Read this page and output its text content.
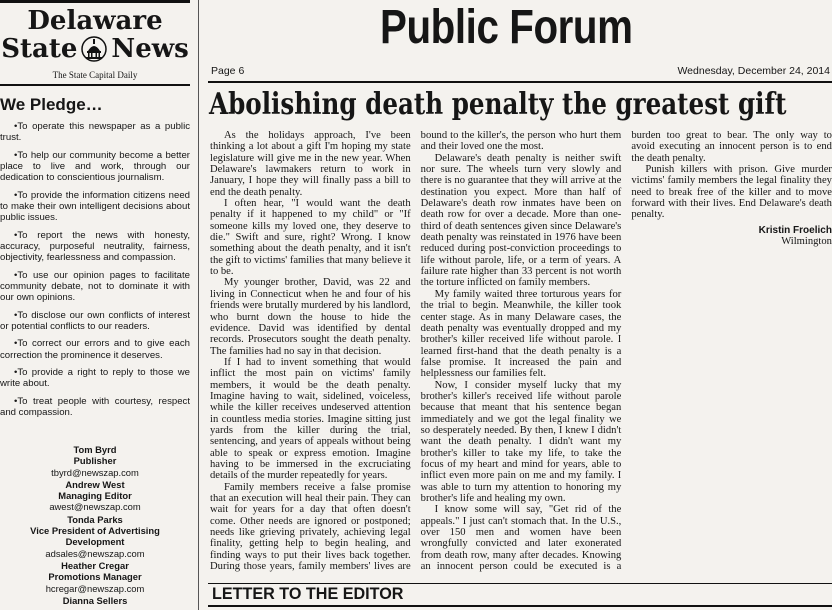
Delaware
State News
The State Capital Daily
We Pledge…

•To operate this newspaper as a public trust.

•To help our community become a better place to live and work, through our dedication to conscientious journalism.

•To provide the information citizens need to make their own intelligent decisions about public issues.

•To report the news with honesty, accuracy, purposeful neutrality, fairness, objectivity, fearlessness and compassion.

•To use our opinion pages to facilitate community debate, not to dominate it with our own opinions.

•To disclose our own conflicts of interest or potential conflicts to our readers.

•To correct our errors and to give each correction the prominence it deserves.

•To provide a right to reply to those we write about.

•To treat people with courtesy, respect and compassion.

Tom Byrd
Publisher
tbyrd@newszap.com
Andrew West
Managing Editor
awest@newszap.com
Tonda Parks
Vice President of Advertising Development
adsales@newszap.com
Heather Cregar
Promotions Manager
hcregar@newszap.com
Dianna Sellers
Public Forum
Page 6	Wednesday, December 24, 2014
Abolishing death penalty the greatest gift

As the holidays approach, I've been thinking a lot about a gift I'm hoping my state legislature will give me in the new year. When Delaware's lawmakers return to work in January, I hope they will finally pass a bill to end the death penalty.

I often hear, "I would want the death penalty if it happened to my child" or "If someone kills my loved one, they deserve to die." Swift and sure, right? Wrong. I know something about the death penalty, and it isn't the gift to victims' families that many believe it to be.

My younger brother, David, was 22 and living in Connecticut when he and four of his friends were brutally murdered by his landlord, who burnt down the house to hide the evidence. David was identified by dental records. Prosecutors sought the death penalty. The families had no say in that decision.

If I had to invent something that would inflict the most pain on victims' family members, it would be the death penalty. Imagine having to wait, sidelined, voiceless, while the killer receives undeserved attention in countless media stories. Imagine sitting just yards from the killer during the trial, sentencing, and years of appeals without being able to speak or express emotion. Imagine having to be immersed in the excruciating details of the murder repeatedly for years.

Family members receive a false promise that an execution will heal their pain. They can wait for years for a day that often doesn't come. Other needs are ignored or postponed; needs like grieving privately, achieving legal finality, getting help to begin healing, and finding ways to put their lives back together. During those years, family members' lives are bound to the killer's, the person who hurt them and their loved one the most.

Delaware's death penalty is neither swift nor sure. The wheels turn very slowly and there is no guarantee that they will arrive at the destination you expect. More than half of Delaware's death row inmates have been on death row for over a decade. More than one-third of death sentences given since Delaware's death penalty was reinstated in 1976 have been reduced during post-conviction proceedings to life without parole, life, or a term of years. A failure rate higher than 33 percent is not worth the torture inflicted on family members.

My family waited three torturous years for the trial to begin. Meanwhile, the killer took center stage. As in many Delaware cases, the death penalty was eventually dropped and my brother's killer received life without parole. I learned first-hand that the death penalty is a false promise. It increased the pain and helplessness our families felt.

Now, I consider myself lucky that my brother's killer's received life without parole because that meant that his sentence began immediately and we got the legal finality we so desperately needed. By then, I knew I didn't want the death penalty. I didn't want my brother's killer to take my life, to take the focus of my heart and mind for years, able to inflict even more pain on me and my family. I was able to turn my attention to honoring my brother's life and healing my own.

I know some will say, "Get rid of the appeals." I just can't stomach that. In the U.S., over 150 men and women have been wrongfully convicted and later exonerated from death row, many after decades. Knowing an innocent person could be executed is a burden too great to bear. The only way to avoid executing an innocent person is to end the death penalty.

Punish killers with prison. Give murder victims' family members the legal finality they need to break free of the killer and to move forward with their lives. End Delaware's death penalty.

Kristin Froelich
Wilmington
LETTER TO THE EDITOR
